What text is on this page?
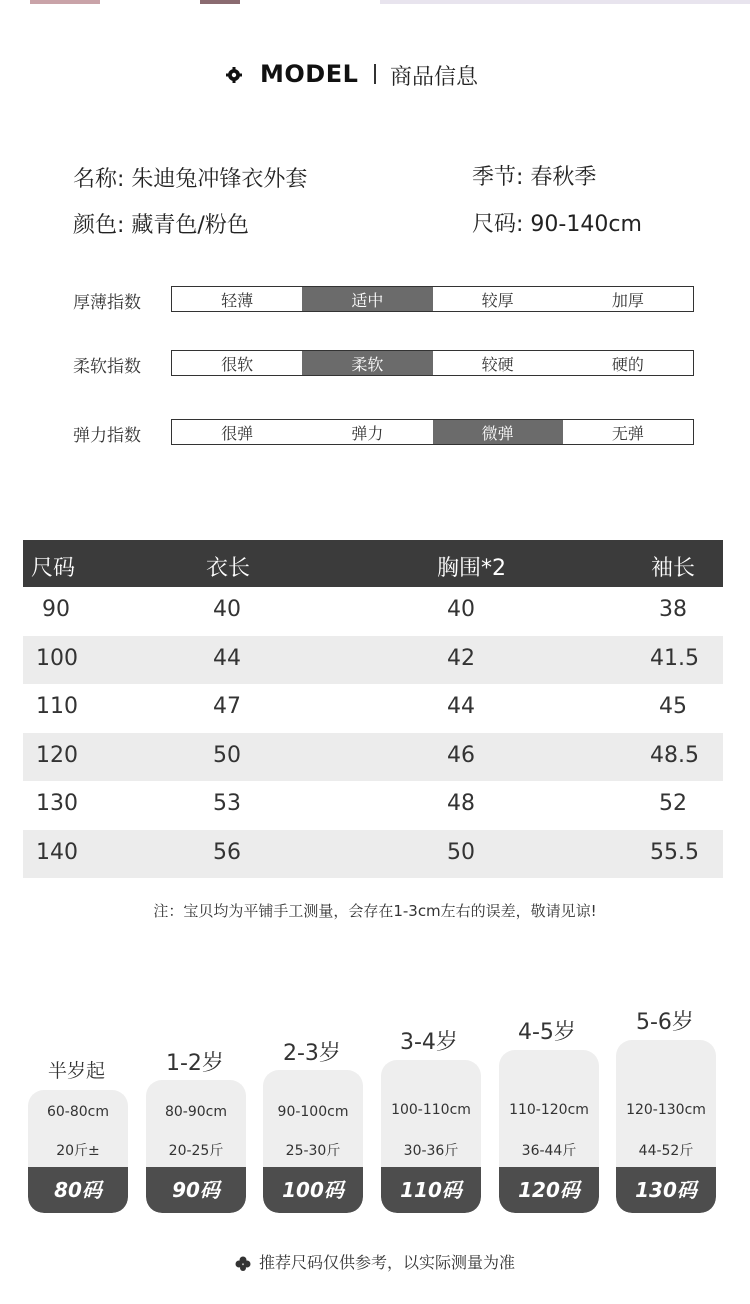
MODEL 商品信息
名称: 朱迪兔冲锋衣外套	季节: 春秋季
颜色: 藏青色/粉色	尺码: 90-140cm
厚薄指数	轻薄	适中	较厚	加厚
柔软指数	很软	柔软	较硬	硬的
弹力指数	很弹	弹力	微弹	无弹
尺码	衣长	胸围*2	袖长
90	40	40	38
100	44	42	41.5
110	47	44	45
120	50	46	48.5
130	53	48	52
140	56	50	55.5
注：宝贝均为平铺手工测量，会存在1-3cm左右的误差，敬请见谅!
半岁起	1-2岁	2-3岁	3-4岁	4-5岁	5-6岁
60-80cm
20斤±
80码
80-90cm
20-25斤
90码
90-100cm
25-30斤
100码
100-110cm
30-36斤
110码
110-120cm
36-44斤
120码
120-130cm
44-52斤
130码
推荐尺码仅供参考，以实际测量为准
